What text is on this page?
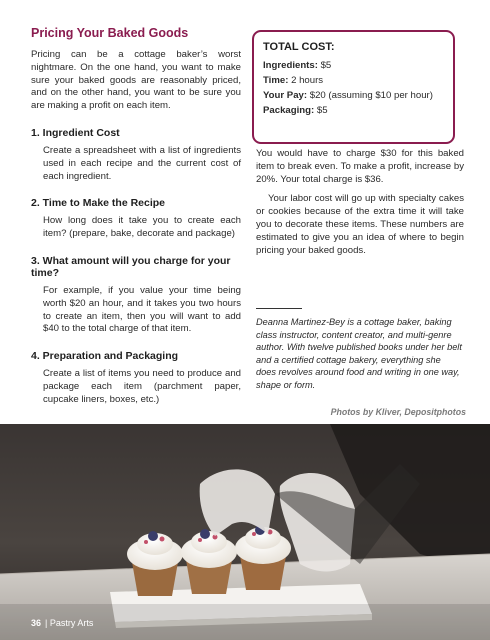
Pricing Your Baked Goods

Pricing can be a cottage baker’s worst nightmare. On the one hand, you want to make sure your baked goods are reasonably priced, and on the other hand, you want to be sure you are making a profit on each item.

1. Ingredient Cost

Create a spreadsheet with a list of ingredients used in each recipe and the current cost of each ingredient.

2. Time to Make the Recipe

How long does it take you to create each item? (prepare, bake, decorate and package)

3. What amount will you charge for your time?

For example, if you value your time being worth $20 an hour, and it takes you two hours to create an item, then you will want to add $40 to the total charge of that item.

4. Preparation and Packaging

Create a list of items you need to produce and package each item (parchment paper, cupcake liners, boxes, etc.)

TOTAL COST:
Ingredients: $5
Time: 2 hours
Your Pay: $20 (assuming $10 per hour)
Packaging: $5

You would have to charge $30 for this baked item to break even. To make a profit, increase by 20%. Your total charge is $36.

Your labor cost will go up with specialty cakes or cookies because of the extra time it will take you to decorate these items. These numbers are estimated to give you an idea of where to begin pricing your baked goods.

Deanna Martinez-Bey is a cottage baker, baking class instructor, content creator, and multi-genre author. With twelve published books under her belt and a certified cottage bakery, everything she does revolves around food and writing in one way, shape or form.
Photos by Kliver, Depositphotos
36 | Pastry Arts
